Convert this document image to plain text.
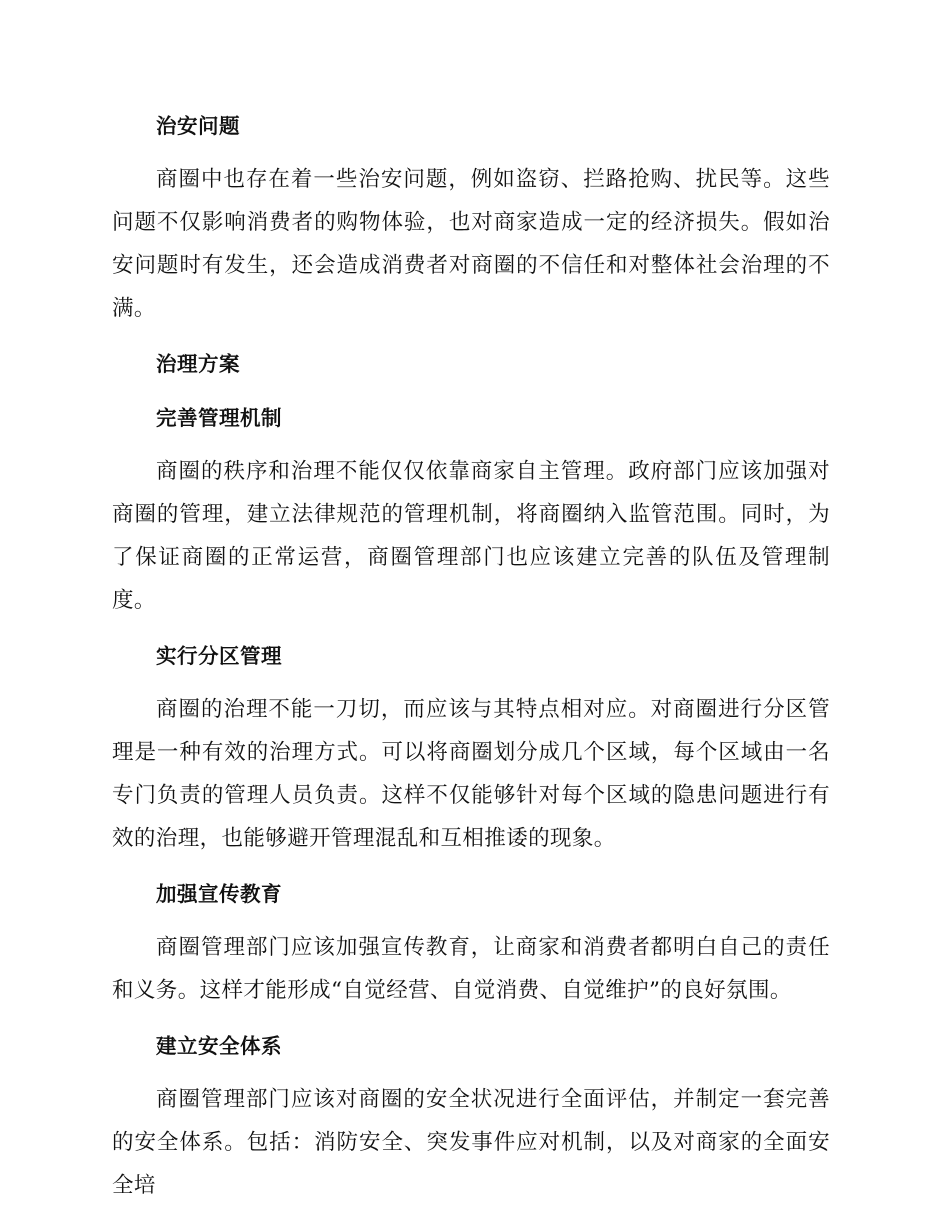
治安问题

商圈中也存在着一些治安问题，例如盗窃、拦路抢购、扰民等。这些问题不仅影响消费者的购物体验，也对商家造成一定的经济损失。假如治安问题时有发生，还会造成消费者对商圈的不信任和对整体社会治理的不满。

治理方案
完善管理机制

商圈的秩序和治理不能仅仅依靠商家自主管理。政府部门应该加强对商圈的管理，建立法律规范的管理机制，将商圈纳入监管范围。同时，为了保证商圈的正常运营，商圈管理部门也应该建立完善的队伍及管理制度。

实行分区管理

商圈的治理不能一刀切，而应该与其特点相对应。对商圈进行分区管理是一种有效的治理方式。可以将商圈划分成几个区域，每个区域由一名专门负责的管理人员负责。这样不仅能够针对每个区域的隐患问题进行有效的治理，也能够避开管理混乱和互相推诿的现象。

加强宣传教育

商圈管理部门应该加强宣传教育，让商家和消费者都明白自己的责任和义务。这样才能形成“自觉经营、自觉消费、自觉维护”的良好氛围。

建立安全体系

商圈管理部门应该对商圈的安全状况进行全面评估，并制定一套完善的安全体系。包括：消防安全、突发事件应对机制，以及对商家的全面安全培
